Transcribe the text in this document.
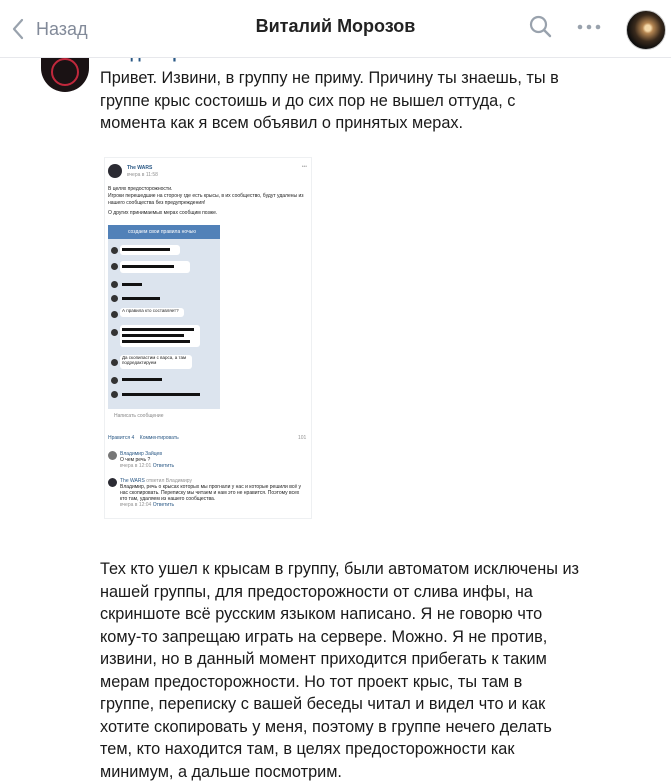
Назад	Виталий Морозов
Привет. Извини, в группу не приму. Причину ты знаешь, ты в группе крыс состоишь и до сих пор не вышел оттуда, с момента как я всем объявил о принятых мерах.
The WARS
вчера в 11:58
•••
В целях предосторожности.
Игроки перешедшие на сторону где есть крысы, в их сообщество, будут удалены из нашего сообщества без предупреждения!
О других принимаемых мерах сообщим позже.
создаем свои правила ночью
А правила кто составляет?
Да скопипастим с варса, а там подредактируем
Написать сообщение
Нравится 4 Комментировать	101
Владимир Зайцев
О чем речь ?
вчера в 12:01 Ответить
The WARS ответил Владимиру
Владимир, речь о крысах которых мы прогнали у нас и которые решили всё у нас скопировать. Переписку мы читаем и нам это не нравится. Поэтому всех кто там, удаляем из нашего сообщества.
вчера в 12:04 Ответить
Тех кто ушел к крысам в группу, были автоматом исключены из нашей группы, для предосторожности от слива инфы, на скриншоте всё русским языком написано. Я не говорю что кому-то запрещаю играть на сервере. Можно. Я не против, извини, но в данный момент приходится прибегать к таким мерам предосторожности. Но тот проект крыс, ты там в группе, переписку с вашей беседы читал и видел что и как хотите скопировать у меня, поэтому в группе нечего делать тем, кто находится там, в целях предосторожности как минимум, а дальше посмотрим.
